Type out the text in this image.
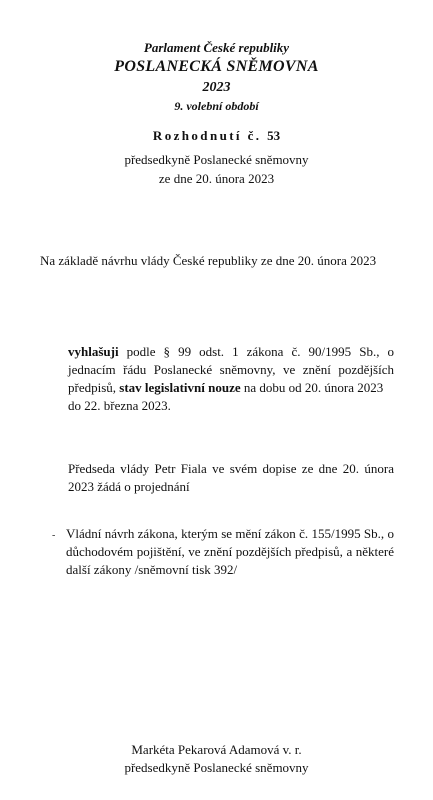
Parlament České republiky
POSLANECKÁ SNĚMOVNA
2023
9. volební období
Rozhodnutí č. 53
předsedkyně Poslanecké sněmovny
ze dne 20. února 2023
Na základě návrhu vlády České republiky ze dne 20. února 2023
vyhlašuji podle § 99 odst. 1 zákona č. 90/1995 Sb., o jednacím řádu Poslanecké sněmovny, ve znění pozdějších předpisů, stav legislativní nouze na dobu od 20. února 2023
do 22. března 2023.
Předseda vlády Petr Fiala ve svém dopise ze dne 20. února 2023 žádá o projednání
- Vládní návrh zákona, kterým se mění zákon č. 155/1995 Sb., o důchodovém pojištění, ve znění pozdějších předpisů, a některé další zákony /sněmovní tisk 392/
Markéta Pekarová Adamová v. r.
předsedkyně Poslanecké sněmovny
